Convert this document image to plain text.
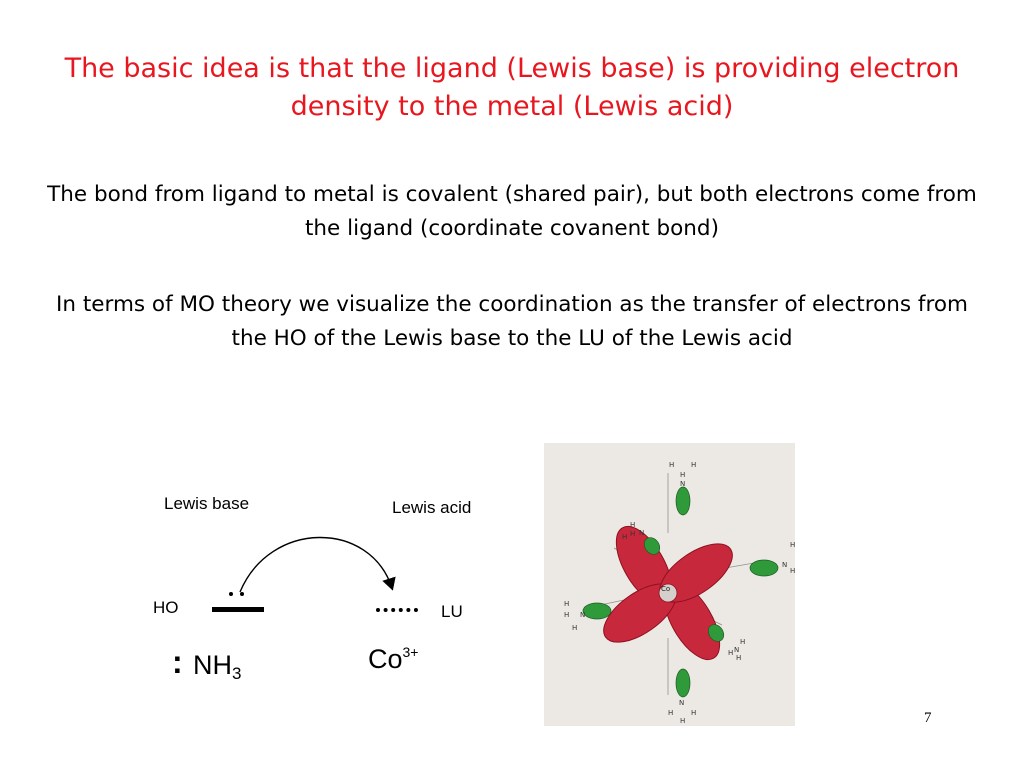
The basic idea is that the ligand (Lewis base) is providing electron density to the metal (Lewis acid)

The bond from ligand to metal is covalent (shared pair), but both electrons come from the ligand (coordinate covanent bond)

In terms of MO theory we visualize the coordination as the transfer of electrons from the HO of the Lewis base to the LU of the Lewis acid

Lewis base	Lewis acid
HO	LU
: $NH_3$	$Co^{3+}$
Co
H
H H
N
H
H
H N
H
H
N
H
H
H
N
H
H
H
N
N
H	H
H	7
